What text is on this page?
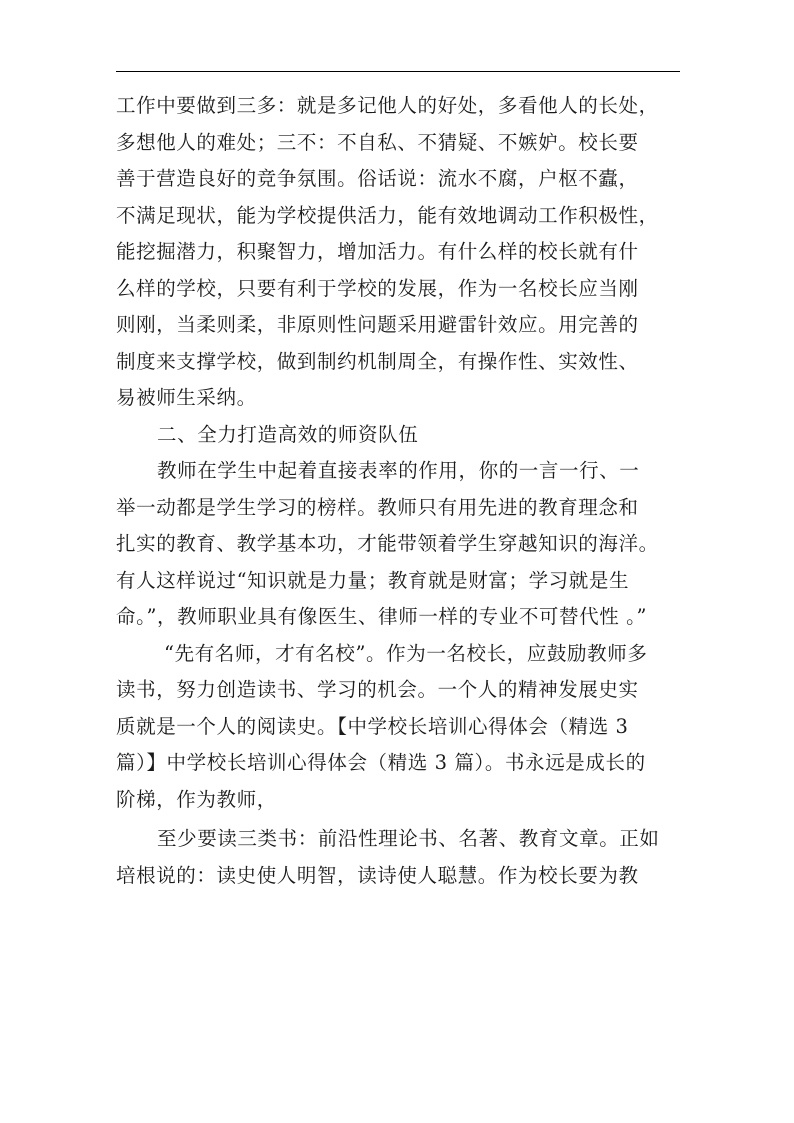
工作中要做到三多：就是多记他人的好处，多看他人的长处，
多想他人的难处；三不：不自私、不猜疑、不嫉妒。校长要
善于营造良好的竞争氛围。俗话说：流水不腐，户枢不蠹，
不满足现状，能为学校提供活力，能有效地调动工作积极性，
能挖掘潜力，积聚智力，增加活力。有什么样的校长就有什
么样的学校，只要有利于学校的发展，作为一名校长应当刚
则刚，当柔则柔，非原则性问题采用避雷针效应。用完善的
制度来支撑学校，做到制约机制周全，有操作性、实效性、
易被师生采纳。
二、全力打造高效的师资队伍
教师在学生中起着直接表率的作用，你的一言一行、一
举一动都是学生学习的榜样。教师只有用先进的教育理念和
扎实的教育、教学基本功，才能带领着学生穿越知识的海洋。
有人这样说过“知识就是力量；教育就是财富；学习就是生
命。”，教师职业具有像医生、律师一样的专业不可替代性 。”
“先有名师，才有名校”。作为一名校长，应鼓励教师多
读书，努力创造读书、学习的机会。一个人的精神发展史实
质就是一个人的阅读史。【中学校长培训心得体会（精选 3
篇）】中学校长培训心得体会（精选 3 篇）。书永远是成长的
阶梯，作为教师，
至少要读三类书：前沿性理论书、名著、教育文章。正如
培根说的：读史使人明智，读诗使人聪慧。作为校长要为教
